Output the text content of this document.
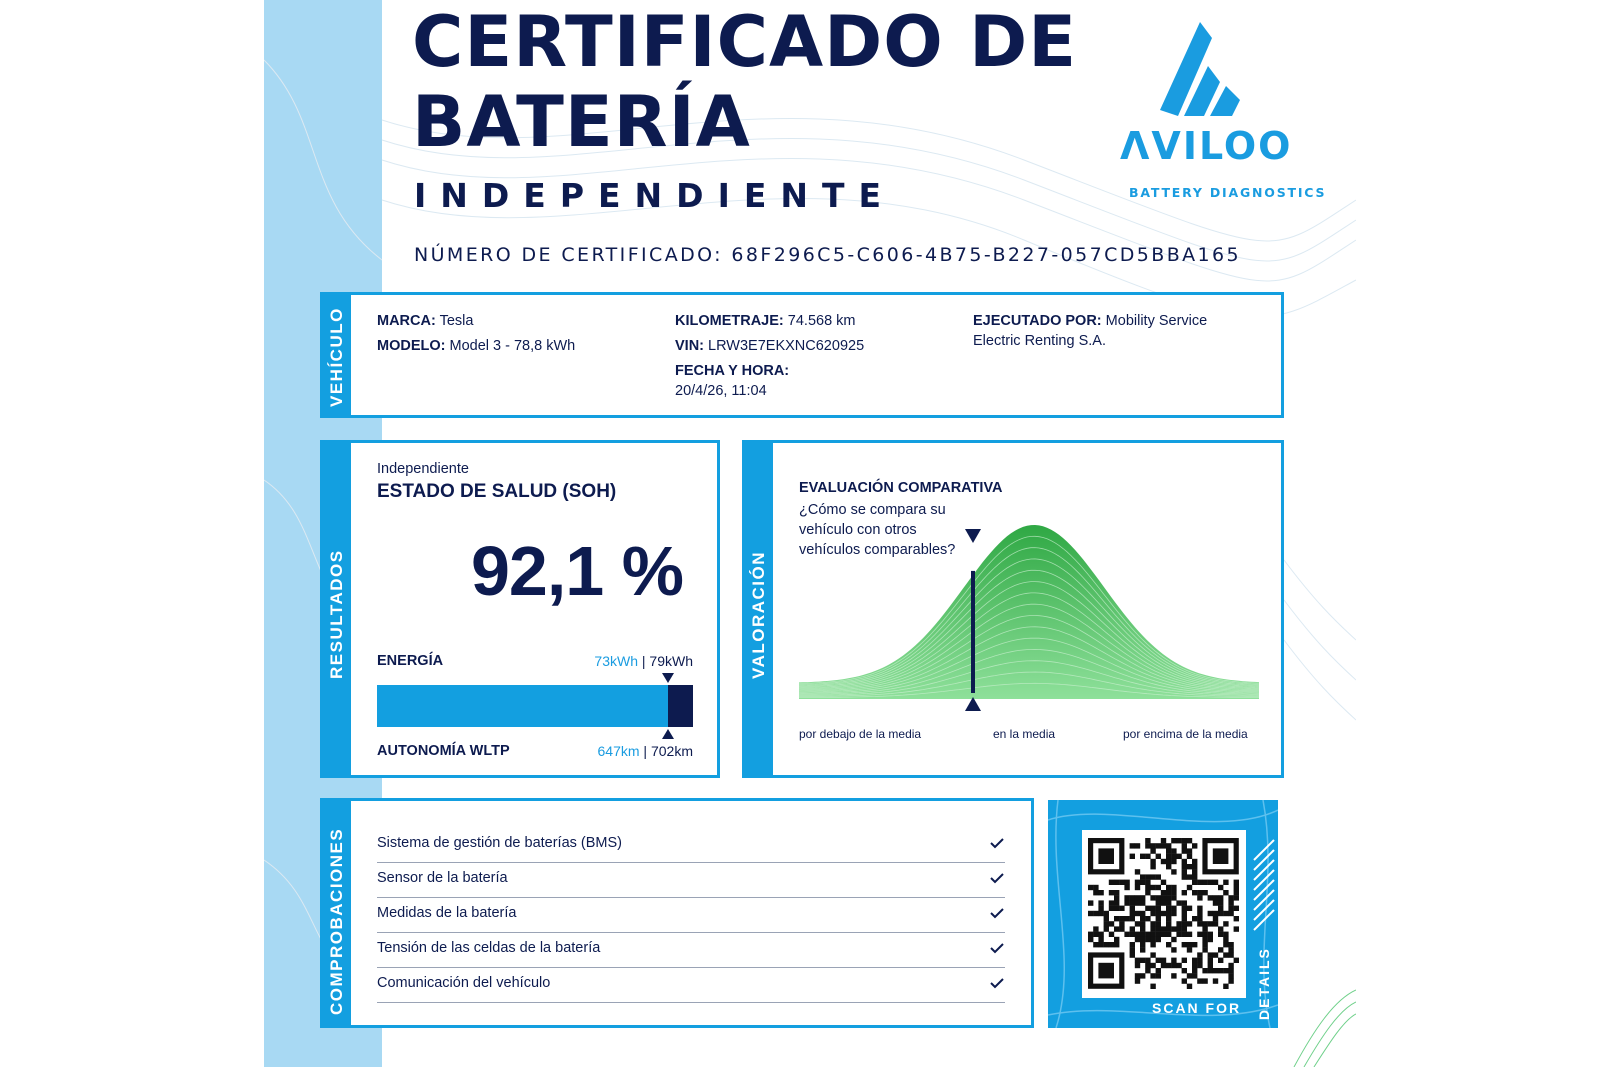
CERTIFICADO DE
BATERÍA
INDEPENDIENTE
NÚMERO DE CERTIFICADO: 68F296C5-C606-4B75-B227-057CD5BBA165
ΛVILOO
BATTERY DIAGNOSTICS
VEHÍCULO MARCA: Tesla
MODELO: Model 3 - 78,8 kWh
KILOMETRAJE: 74.568 km
VIN: LRW3E7EKXNC620925
FECHA Y HORA:
20/4/26, 11:04
EJECUTADO POR: Mobility Service
Electric Renting S.A.
RESULTADOS
Independiente
ESTADO DE SALUD (SOH)
92,1 %
ENERGÍA	73kWh | 79kWh
AUTONOMÍA WLTP	647km | 702km
VALORACIÓN
EVALUACIÓN COMPARATIVA
¿Cómo se compara su
vehículo con otros
vehículos comparables?
por debajo de la media	en la media	por encima de la media
COMPROBACIONES Sistema de gestión de baterías (BMS)
Sensor de la batería
Medidas de la batería
Tensión de las celdas de la batería
Comunicación del vehículo
SCAN FOR DETAILS
